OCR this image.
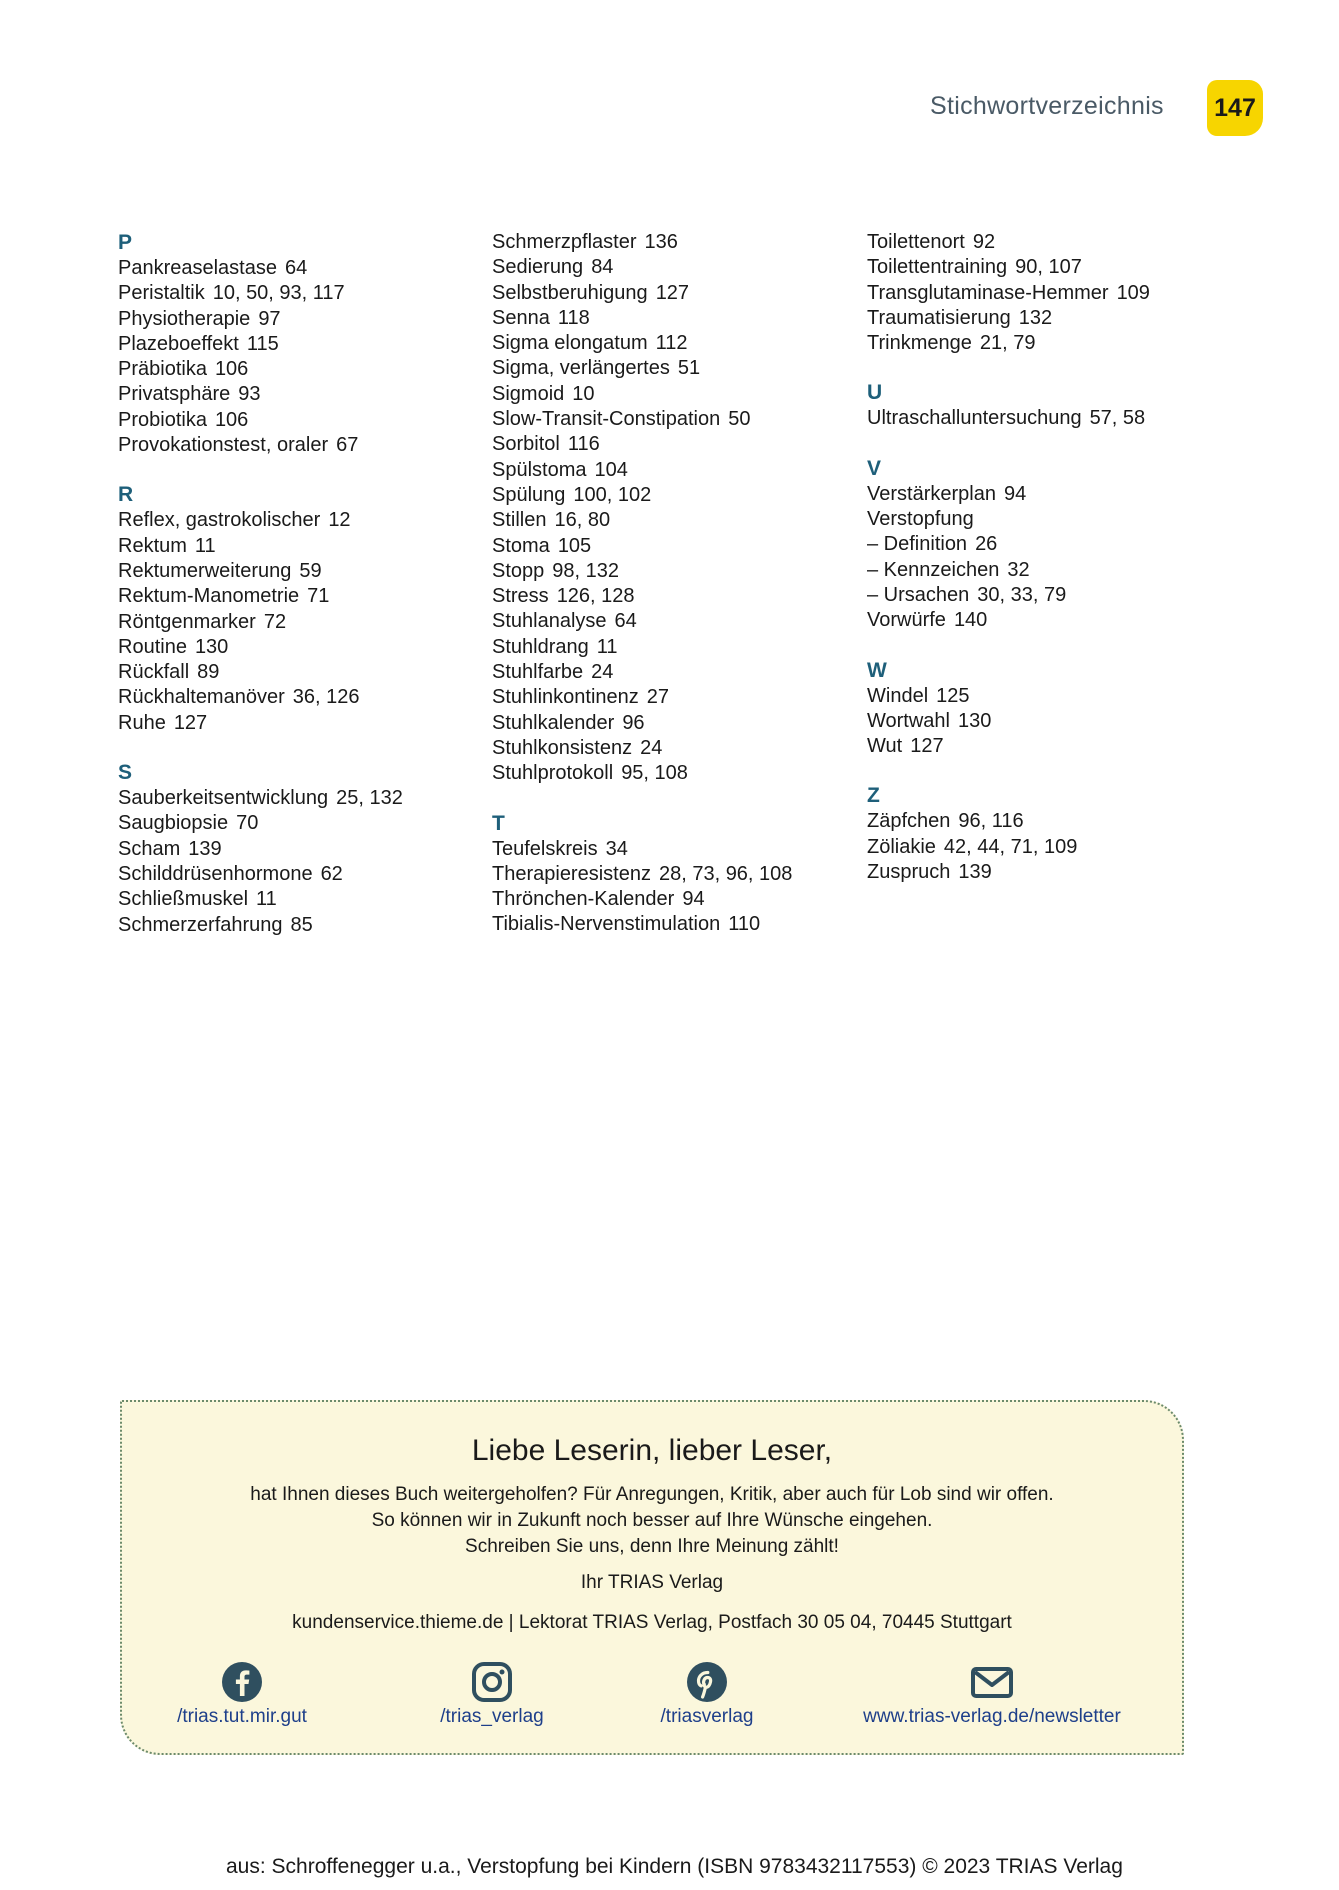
Stichwortverzeichnis 147
P
Pankreaselastase 64
Peristaltik 10, 50, 93, 117
Physiotherapie 97
Plazeboeffekt 115
Präbiotika 106
Privatsphäre 93
Probiotika 106
Provokationstest, oraler 67
R
Reflex, gastrokolischer 12
Rektum 11
Rektumerweiterung 59
Rektum-Manometrie 71
Röntgenmarker 72
Routine 130
Rückfall 89
Rückhaltemanöver 36, 126
Ruhe 127
S
Sauberkeitsentwicklung 25, 132
Saugbiopsie 70
Scham 139
Schilddrüsenhormone 62
Schließmuskel 11
Schmerzerfahrung 85
Schmerzpflaster 136
Sedierung 84
Selbstberuhigung 127
Senna 118
Sigma elongatum 112
Sigma, verlängertes 51
Sigmoid 10
Slow-Transit-Constipation 50
Sorbitol 116
Spülstoma 104
Spülung 100, 102
Stillen 16, 80
Stoma 105
Stopp 98, 132
Stress 126, 128
Stuhlanalyse 64
Stuhldrang 11
Stuhlfarbe 24
Stuhlinkontinenz 27
Stuhlkalender 96
Stuhlkonsistenz 24
Stuhlprotokoll 95, 108
T
Teufelskreis 34
Therapieresistenz 28, 73, 96, 108
Thrönchen-Kalender 94
Tibialis-Nervenstimulation 110
Toilettenort 92
Toilettentraining 90, 107
Transglutaminase-Hemmer 109
Traumatisierung 132
Trinkmenge 21, 79
U
Ultraschalluntersuchung 57, 58
V
Verstärkerplan 94
Verstopfung
– Definition 26
– Kennzeichen 32
– Ursachen 30, 33, 79
Vorwürfe 140
W
Windel 125
Wortwahl 130
Wut 127
Z
Zäpfchen 96, 116
Zöliakie 42, 44, 71, 109
Zuspruch 139
Liebe Leserin, lieber Leser,
hat Ihnen dieses Buch weitergeholfen? Für Anregungen, Kritik, aber auch für Lob sind wir offen.
So können wir in Zukunft noch besser auf Ihre Wünsche eingehen.
Schreiben Sie uns, denn Ihre Meinung zählt!
Ihr TRIAS Verlag
kundenservice.thieme.de | Lektorat TRIAS Verlag, Postfach 30 05 04, 70445 Stuttgart
/trias.tut.mir.gut	/trias_verlag	/triasverlag	www.trias-verlag.de/newsletter
aus: Schroffenegger u.a., Verstopfung bei Kindern (ISBN 9783432117553) © 2023 TRIAS Verlag
